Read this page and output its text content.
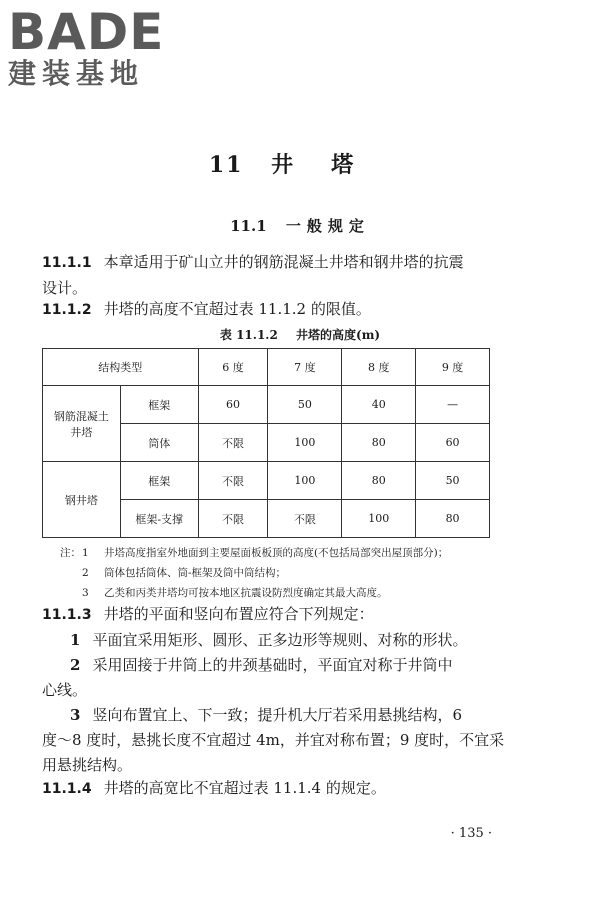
BADE
建装基地
11 井塔
11.1 一般规定
11.1.1 本章适用于矿山立井的钢筋混凝土井塔和钢井塔的抗震
设计。
11.1.2 井塔的高度不宜超过表 11.1.2 的限值。
表 11.1.2 井塔的高度(m)
结构类型		6 度	7 度	8 度	9 度
钢筋混凝土
井塔	框架	60	50	40	—
	筒体	不限	100	80	60
钢井塔	框架	不限	100	80	50
	框架-支撑	不限	不限	100	80
注：1 井塔高度指室外地面到主要屋面板板顶的高度(不包括局部突出屋顶部分)；
2 筒体包括筒体、筒-框架及筒中筒结构；
3 乙类和丙类井塔均可按本地区抗震设防烈度确定其最大高度。
11.1.3 井塔的平面和竖向布置应符合下列规定：
1 平面宜采用矩形、圆形、正多边形等规则、对称的形状。
2 采用固接于井筒上的井颈基础时，平面宜对称于井筒中
心线。
3 竖向布置宜上、下一致；提升机大厅若采用悬挑结构，6
度～8 度时，悬挑长度不宜超过 4m，并宜对称布置；9 度时，不宜采
用悬挑结构。
11.1.4 井塔的高宽比不宜超过表 11.1.4 的规定。
· 135 ·
